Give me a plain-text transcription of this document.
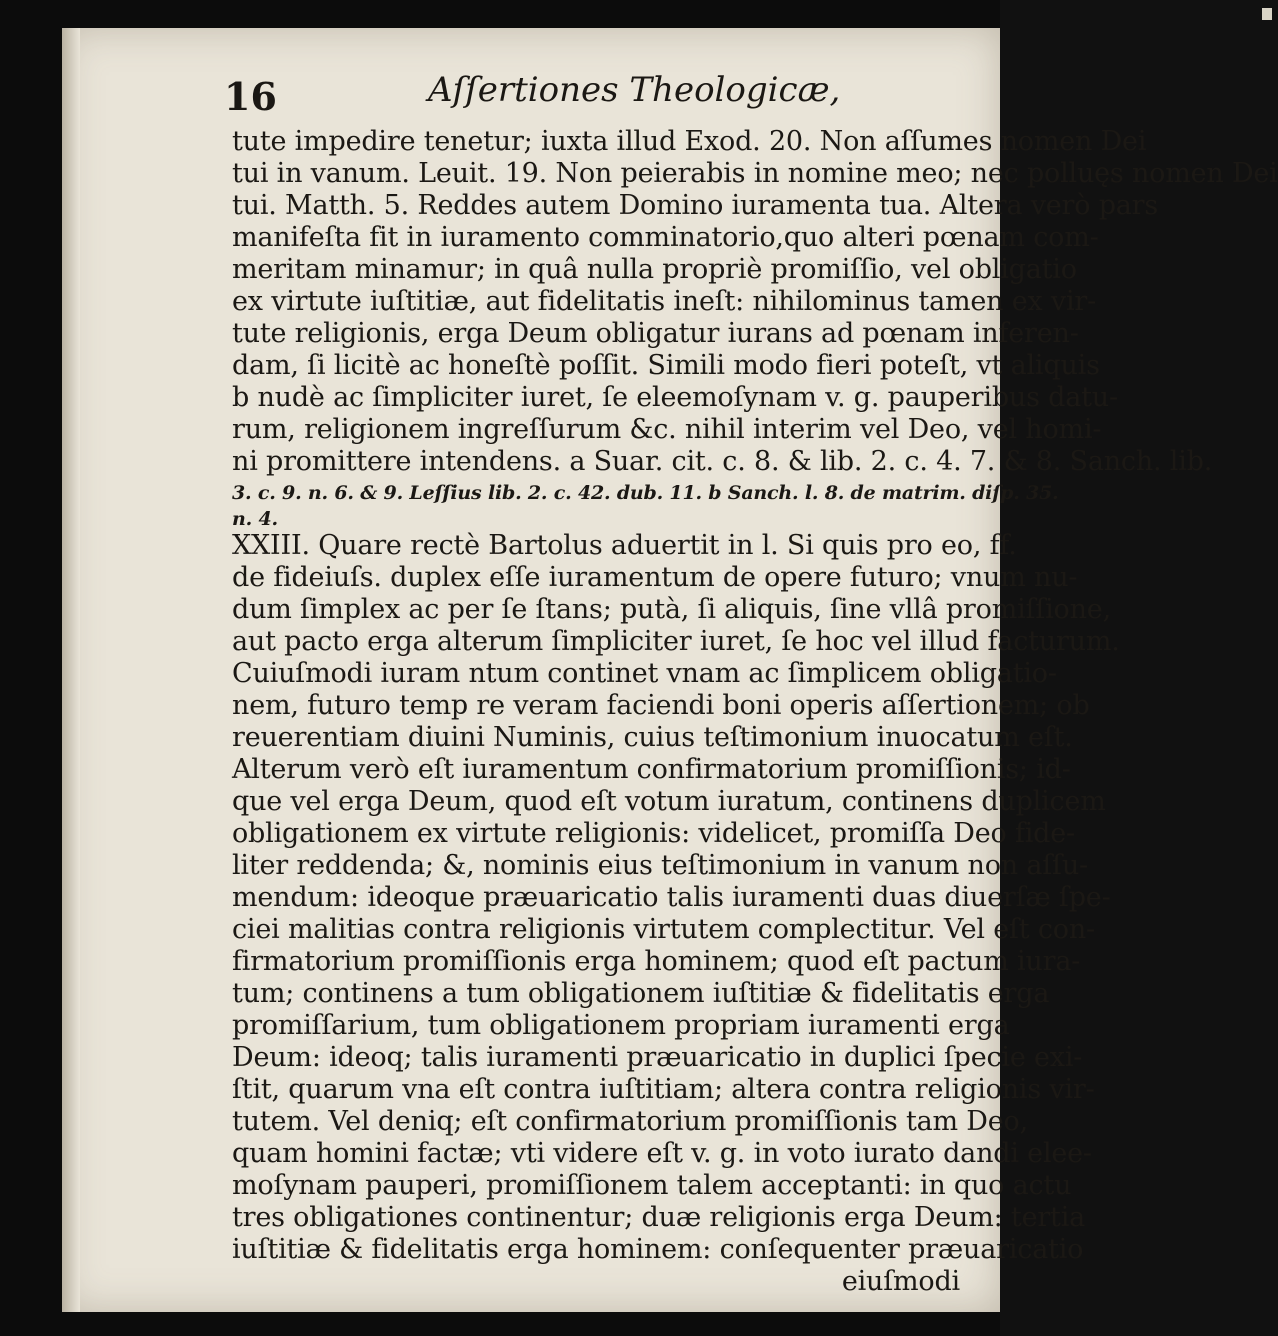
16	Aſſertiones Theologicæ,
tute impedire tenetur; iuxta illud Exod. 20. Non aſſumes nomen Dei
tui in vanum. Leuit. 19. Non peierabis in nomine meo; nec polluęs nomen Dei
tui. Matth. 5. Reddes autem Domino iuramenta tua. Altera verò pars
manifeſta fit in iuramento comminatorio,quo alteri pœnam com-
meritam minamur; in quâ nulla propriè promiſſio, vel obligatio
ex virtute iuſtitiæ, aut fidelitatis ineſt: nihilominus tamen ex vir-
tute religionis, erga Deum obligatur iurans ad pœnam inferen-
dam, ſi licitè ac honeſtè poſſit. Simili modo fieri poteſt, vt aliquis
b nudè ac ſimpliciter iuret, ſe eleemoſynam v. g. pauperibus datu-
rum, religionem ingreſſurum &c. nihil interim vel Deo, vel homi-
ni promittere intendens. a Suar. cit. c. 8. & lib. 2. c. 4. 7. & 8. Sanch. lib.
3. c. 9. n. 6. & 9. Leſſius lib. 2. c. 42. dub. 11. b Sanch. l. 8. de matrim. diſp. 35.
n. 4.
XXIII. Quare rectè Bartolus aduertit in l. Si quis pro eo, ff.
de fideiuſs. duplex eſſe iuramentum de opere futuro; vnum nu-
dum ſimplex ac per ſe ſtans; putà, ſi aliquis, ſine vllâ promiſſione,
aut pacto erga alterum ſimpliciter iuret, ſe hoc vel illud facturum.
Cuiuſmodi iuram ntum continet vnam ac ſimplicem obligatio-
nem, futuro temp re veram faciendi boni operis aſſertionem; ob
reuerentiam diuini Numinis, cuius teſtimonium inuocatum eſt.
Alterum verò eſt iuramentum confirmatorium promiſſionis; id-
que vel erga Deum, quod eſt votum iuratum, continens duplicem
obligationem ex virtute religionis: videlicet, promiſſa Deo fide-
liter reddenda; &, nominis eius teſtimonium in vanum non aſſu-
mendum: ideoque præuaricatio talis iuramenti duas diuerſæ ſpe-
ciei malitias contra religionis virtutem complectitur. Vel eſt con-
firmatorium promiſſionis erga hominem; quod eſt pactum iura-
tum; continens a tum obligationem iuſtitiæ & fidelitatis erga
promiſſarium, tum obligationem propriam iuramenti erga
Deum: ideoq; talis iuramenti præuaricatio in duplici ſpecie exi-
ſtit, quarum vna eſt contra iuſtitiam; altera contra religionis vir-
tutem. Vel deniq; eſt confirmatorium promiſſionis tam Deo,
quam homini factæ; vti videre eſt v. g. in voto iurato dandi elee-
moſynam pauperi, promiſſionem talem acceptanti: in quo actu
tres obligationes continentur; duæ religionis erga Deum: tertia
iuſtitiæ & fidelitatis erga hominem: conſequenter præuaricatio
eiuſmodi
